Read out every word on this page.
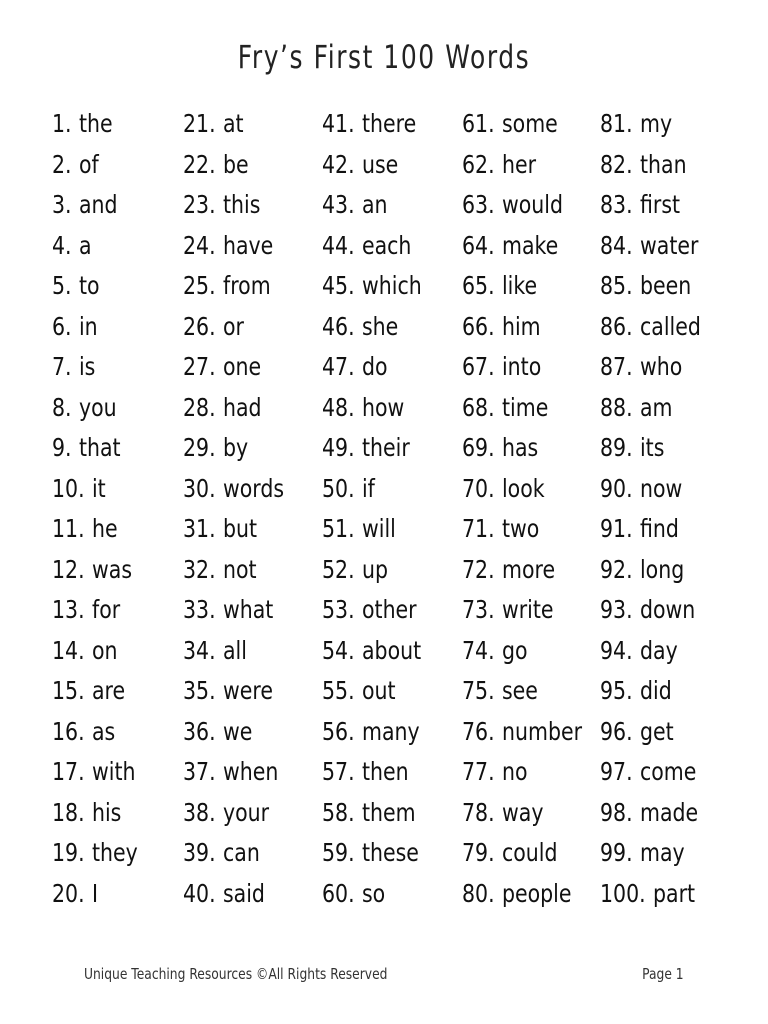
Fry’s First 100 Words
1. the
2. of
3. and
4. a
5. to
6. in
7. is
8. you
9. that
10. it
11. he
12. was
13. for
14. on
15. are
16. as
17. with
18. his
19. they
20. I
21. at
22. be
23. this
24. have
25. from
26. or
27. one
28. had
29. by
30. words
31. but
32. not
33. what
34. all
35. were
36. we
37. when
38. your
39. can
40. said
41. there
42. use
43. an
44. each
45. which
46. she
47. do
48. how
49. their
50. if
51. will
52. up
53. other
54. about
55. out
56. many
57. then
58. them
59. these
60. so
61. some
62. her
63. would
64. make
65. like
66. him
67. into
68. time
69. has
70. look
71. two
72. more
73. write
74. go
75. see
76. number
77. no
78. way
79. could
80. people
81. my
82. than
83. first
84. water
85. been
86. called
87. who
88. am
89. its
90. now
91. find
92. long
93. down
94. day
95. did
96. get
97. come
98. made
99. may
100. part
Unique Teaching Resources ©All Rights Reserved	Page 1
